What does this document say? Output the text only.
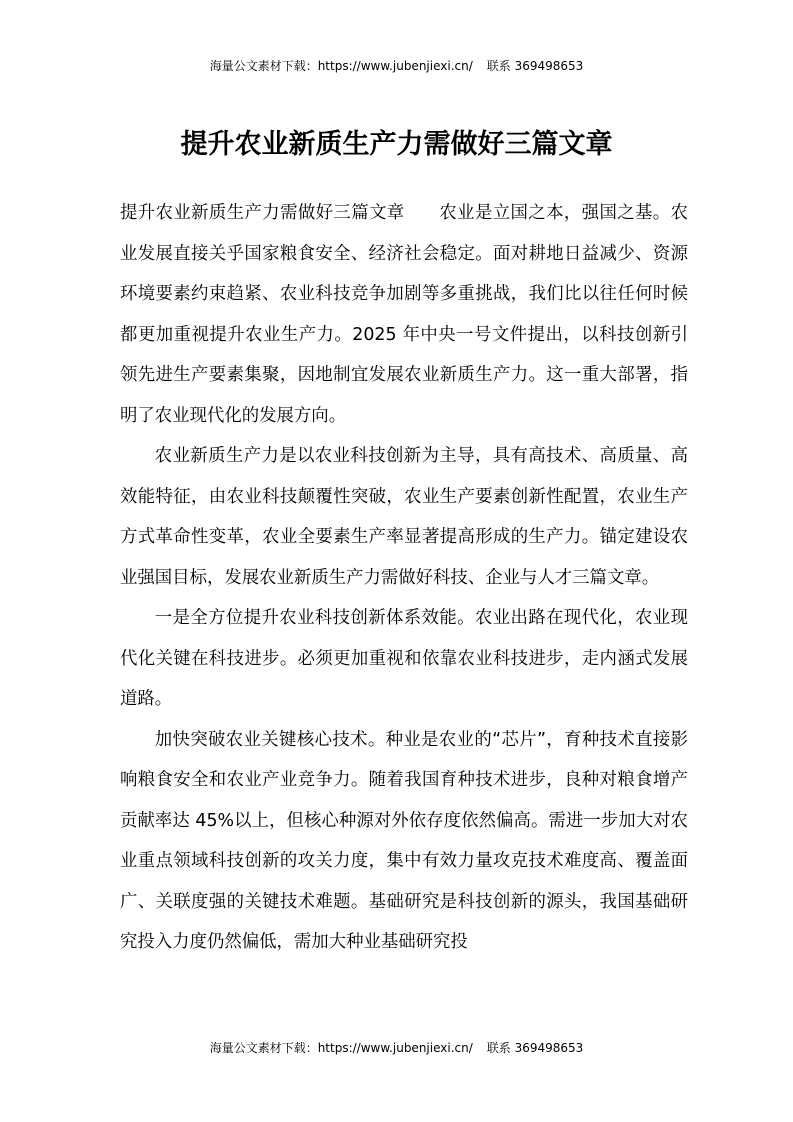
海量公文素材下载：https://www.jubenjiexi.cn/ 联系 369498653
提升农业新质生产力需做好三篇文章

提升农业新质生产力需做好三篇文章 农业是立国之本，强国之基。农业发展直接关乎国家粮食安全、经济社会稳定。面对耕地日益减少、资源环境要素约束趋紧、农业科技竞争加剧等多重挑战，我们比以往任何时候都更加重视提升农业生产力。2025 年中央一号文件提出，以科技创新引领先进生产要素集聚，因地制宜发展农业新质生产力。这一重大部署，指明了农业现代化的发展方向。

农业新质生产力是以农业科技创新为主导，具有高技术、高质量、高效能特征，由农业科技颠覆性突破，农业生产要素创新性配置，农业生产方式革命性变革，农业全要素生产率显著提高形成的生产力。锚定建设农业强国目标，发展农业新质生产力需做好科技、企业与人才三篇文章。

一是全方位提升农业科技创新体系效能。农业出路在现代化，农业现代化关键在科技进步。必须更加重视和依靠农业科技进步，走内涵式发展道路。

加快突破农业关键核心技术。种业是农业的“芯片”，育种技术直接影响粮食安全和农业产业竞争力。随着我国育种技术进步，良种对粮食增产贡献率达 45%以上，但核心种源对外依存度依然偏高。需进一步加大对农业重点领域科技创新的攻关力度，集中有效力量攻克技术难度高、覆盖面广、关联度强的关键技术难题。基础研究是科技创新的源头，我国基础研究投入力度仍然偏低，需加大种业基础研究投

海量公文素材下载：https://www.jubenjiexi.cn/ 联系 369498653
